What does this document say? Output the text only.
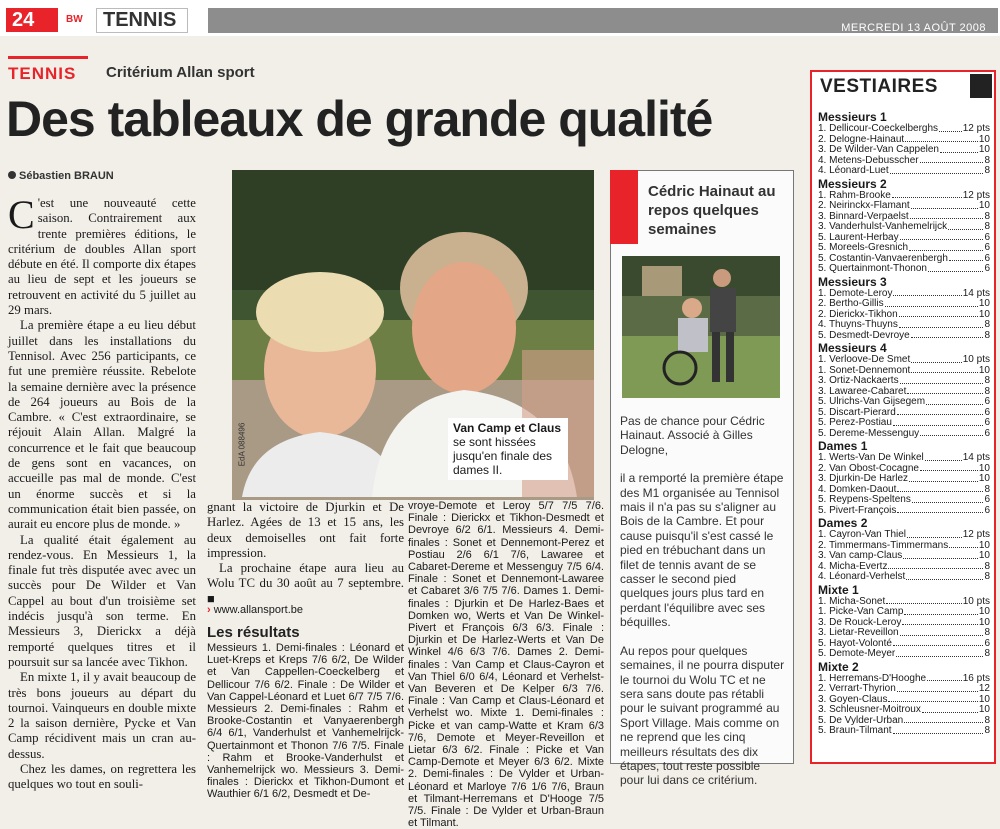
24	BW	TENNIS	MERCREDI 13 AOÛT 2008
TENNIS Critérium Allan sport
Des tableaux de grande qualité
Sébastien BRAUN

C 'est une nouveauté cette saison. Contrairement aux trente premières éditions, le critérium de doubles Allan sport débute en été. Il comporte dix étapes au lieu de sept et les joueurs se retrouvent en activité du 5 juillet au 29 mars.

La première étape a eu lieu début juillet dans les installations du Tennisol. Avec 256 participants, ce fut une première réussite. Rebelote la semaine dernière avec la présence de 264 joueurs au Bois de la Cambre. « C'est extraordinaire, se réjouit Alain Allan. Malgré la concurrence et le fait que beaucoup de gens sont en vacances, on accueille pas mal de monde. C'est un énorme succès et si la communication était bien passée, on aurait eu encore plus de monde. »

La qualité était également au rendez-vous. En Messieurs 1, la finale fut très disputée avec avec un succès pour De Wilder et Van Cappel au bout d'un troisième set indécis jusqu'à son terme. En Messieurs 3, Dierickx a déjà remporté quelques titres et il poursuit sur sa lancée avec Tikhon.

En mixte 1, il y avait beaucoup de très bons joueurs au départ du tournoi. Vainqueurs en double mixte 2 la saison dernière, Pycke et Van Camp récidivent mais un cran au-dessus.

Chez les dames, on regrettera les quelques wo tout en souli-

EdA 088496	Van Camp et Claus se sont hissées jusqu'en finale des dames II.

gnant la victoire de Djurkin et De Harlez. Agées de 13 et 15 ans, les deux demoiselles ont fait forte impression.

La prochaine étape aura lieu au Wolu TC du 30 août au 7 septembre. ■

› www.allansport.be
Les résultats
Messieurs 1. Demi-finales : Léonard et Luet-Kreps et Kreps 7/6 6/2, De Wilder et Van Cappellen-Coeckelberg et Dellicour 7/6 6/2. Finale : De Wilder et Van Cappel-Léonard et Luet 6/7 7/5 7/6. Messieurs 2. Demi-finales : Rahm et Brooke-Costantin et Vanyaerenbergh 6/4 6/1, Vanderhulst et Vanhemelrijck-Quertainmont et Thonon 7/6 7/5. Finale : Rahm et Brooke-Vanderhulst et Vanhemelrijck wo. Messieurs 3. Demi-finales : Dierickx et Tikhon-Dumont et Wauthier 6/1 6/2, Desmedt et De-
vroye-Demote et Leroy 5/7 7/5 7/6. Finale : Dierickx et Tikhon-Desmedt et Devroye 6/2 6/1. Messieurs 4. Demi-finales : Sonet et Dennemont-Perez et Postiau 2/6 6/1 7/6, Lawaree et Cabaret-Dereme et Messenguy 7/5 6/4. Finale : Sonet et Dennemont-Lawaree et Cabaret 3/6 7/5 7/6. Dames 1. Demi-finales : Djurkin et De Harlez-Baes et Domken wo, Werts et Van De Winkel-Pivert et François 6/3 6/3. Finale : Djurkin et De Harlez-Werts et Van De Winkel 4/6 6/3 7/6. Dames 2. Demi-finales : Van Camp et Claus-Cayron et Van Thiel 6/0 6/4, Léonard et Verhelst-Van Beveren et De Kelper 6/3 7/6. Finale : Van Camp et Claus-Léonard et Verhelst wo. Mixte 1. Demi-finales : Picke et van camp-Watte et Kram 6/3 7/6, Demote et Meyer-Reveillon et Lietar 6/3 6/2. Finale : Picke et Van Camp-Demote et Meyer 6/3 6/2. Mixte 2. Demi-finales : De Vylder et Urban-Léonard et Marloye 7/6 1/6 7/6, Braun et Tilmant-Herremans et D'Hooge 7/5 7/5. Finale : De Vylder et Urban-Braun et Tilmant.
Cédric Hainaut au repos quelques semaines

Pas de chance pour Cédric Hainaut. Associé à Gilles Delogne,

il a remporté la première étape des M1 organisée au Tennisol mais il n'a pas su s'aligner au Bois de la Cambre. Et pour cause puisqu'il s'est cassé le pied en trébuchant dans un filet de tennis avant de se casser le second pied quelques jours plus tard en perdant l'équilibre avec ses béquilles.

Au repos pour quelques semaines, il ne pourra disputer le tournoi du Wolu TC et ne sera sans doute pas rétabli pour le suivant programmé au Sport Village. Mais comme on ne reprend que les cinq meilleurs résultats des dix étapes, tout reste possible pour lui dans ce critérium.

VESTIAIRES
Messieurs 1
1. Dellicour-Coeckelberghs 12 pts
2. Delogne-Hainaut	10
3. De Wilder-Van Cappelen	10
4. Metens-Debusscher	8
4. Léonard-Luet	8
Messieurs 2
1. Rahm-Brooke	12 pts
2. Neirinckx-Flamant	10
3. Binnard-Verpaelst	8
3. Vanderhulst-Vanhemelrijck	8
5. Laurent-Herbay	6
5. Moreels-Gresnich	6
5. Costantin-Vanvaerenbergh	6
5. Quertainmont-Thonon	6
Messieurs 3
1. Demote-Leroy	14 pts
2. Bertho-Gillis	10
2. Dierickx-Tikhon	10
4. Thuyns-Thuyns	8
5. Desmedt-Devroye	8
Messieurs 4
1. Verloove-De Smet	10 pts
1. Sonet-Dennemont	10
3. Ortiz-Nackaerts	8
3. Lawaree-Cabaret	8
5. Ulrichs-Van Gijsegem	6
5. Discart-Pierard	6
5. Perez-Postiau	6
5. Dereme-Messenguy	6
Dames 1
1. Werts-Van De Winkel	14 pts
2. Van Obost-Cocagne	10
3. Djurkin-De Harlez	10
4. Domken-Daout	8
5. Reypens-Speltens	6
5. Pivert-François	6
Dames 2
1. Cayron-Van Thiel	12 pts
2. Timmermans-Timmermans	10
3. Van camp-Claus	10
4. Micha-Evertz	8
4. Léonard-Verhelst	8
Mixte 1
1. Micha-Sonet	10 pts
1. Picke-Van Camp	10
3. De Rouck-Leroy	10
3. Lietar-Reveillon	8
5. Hayot-Volonté	6
5. Demote-Meyer	8
Mixte 2
1. Herremans-D'Hooghe	16 pts
2. Verrart-Thyrion	12
3. Goyen-Claus	10
3. Schleusner-Moitroux	10
5. De Vylder-Urban	8
5. Braun-Tilmant	8
